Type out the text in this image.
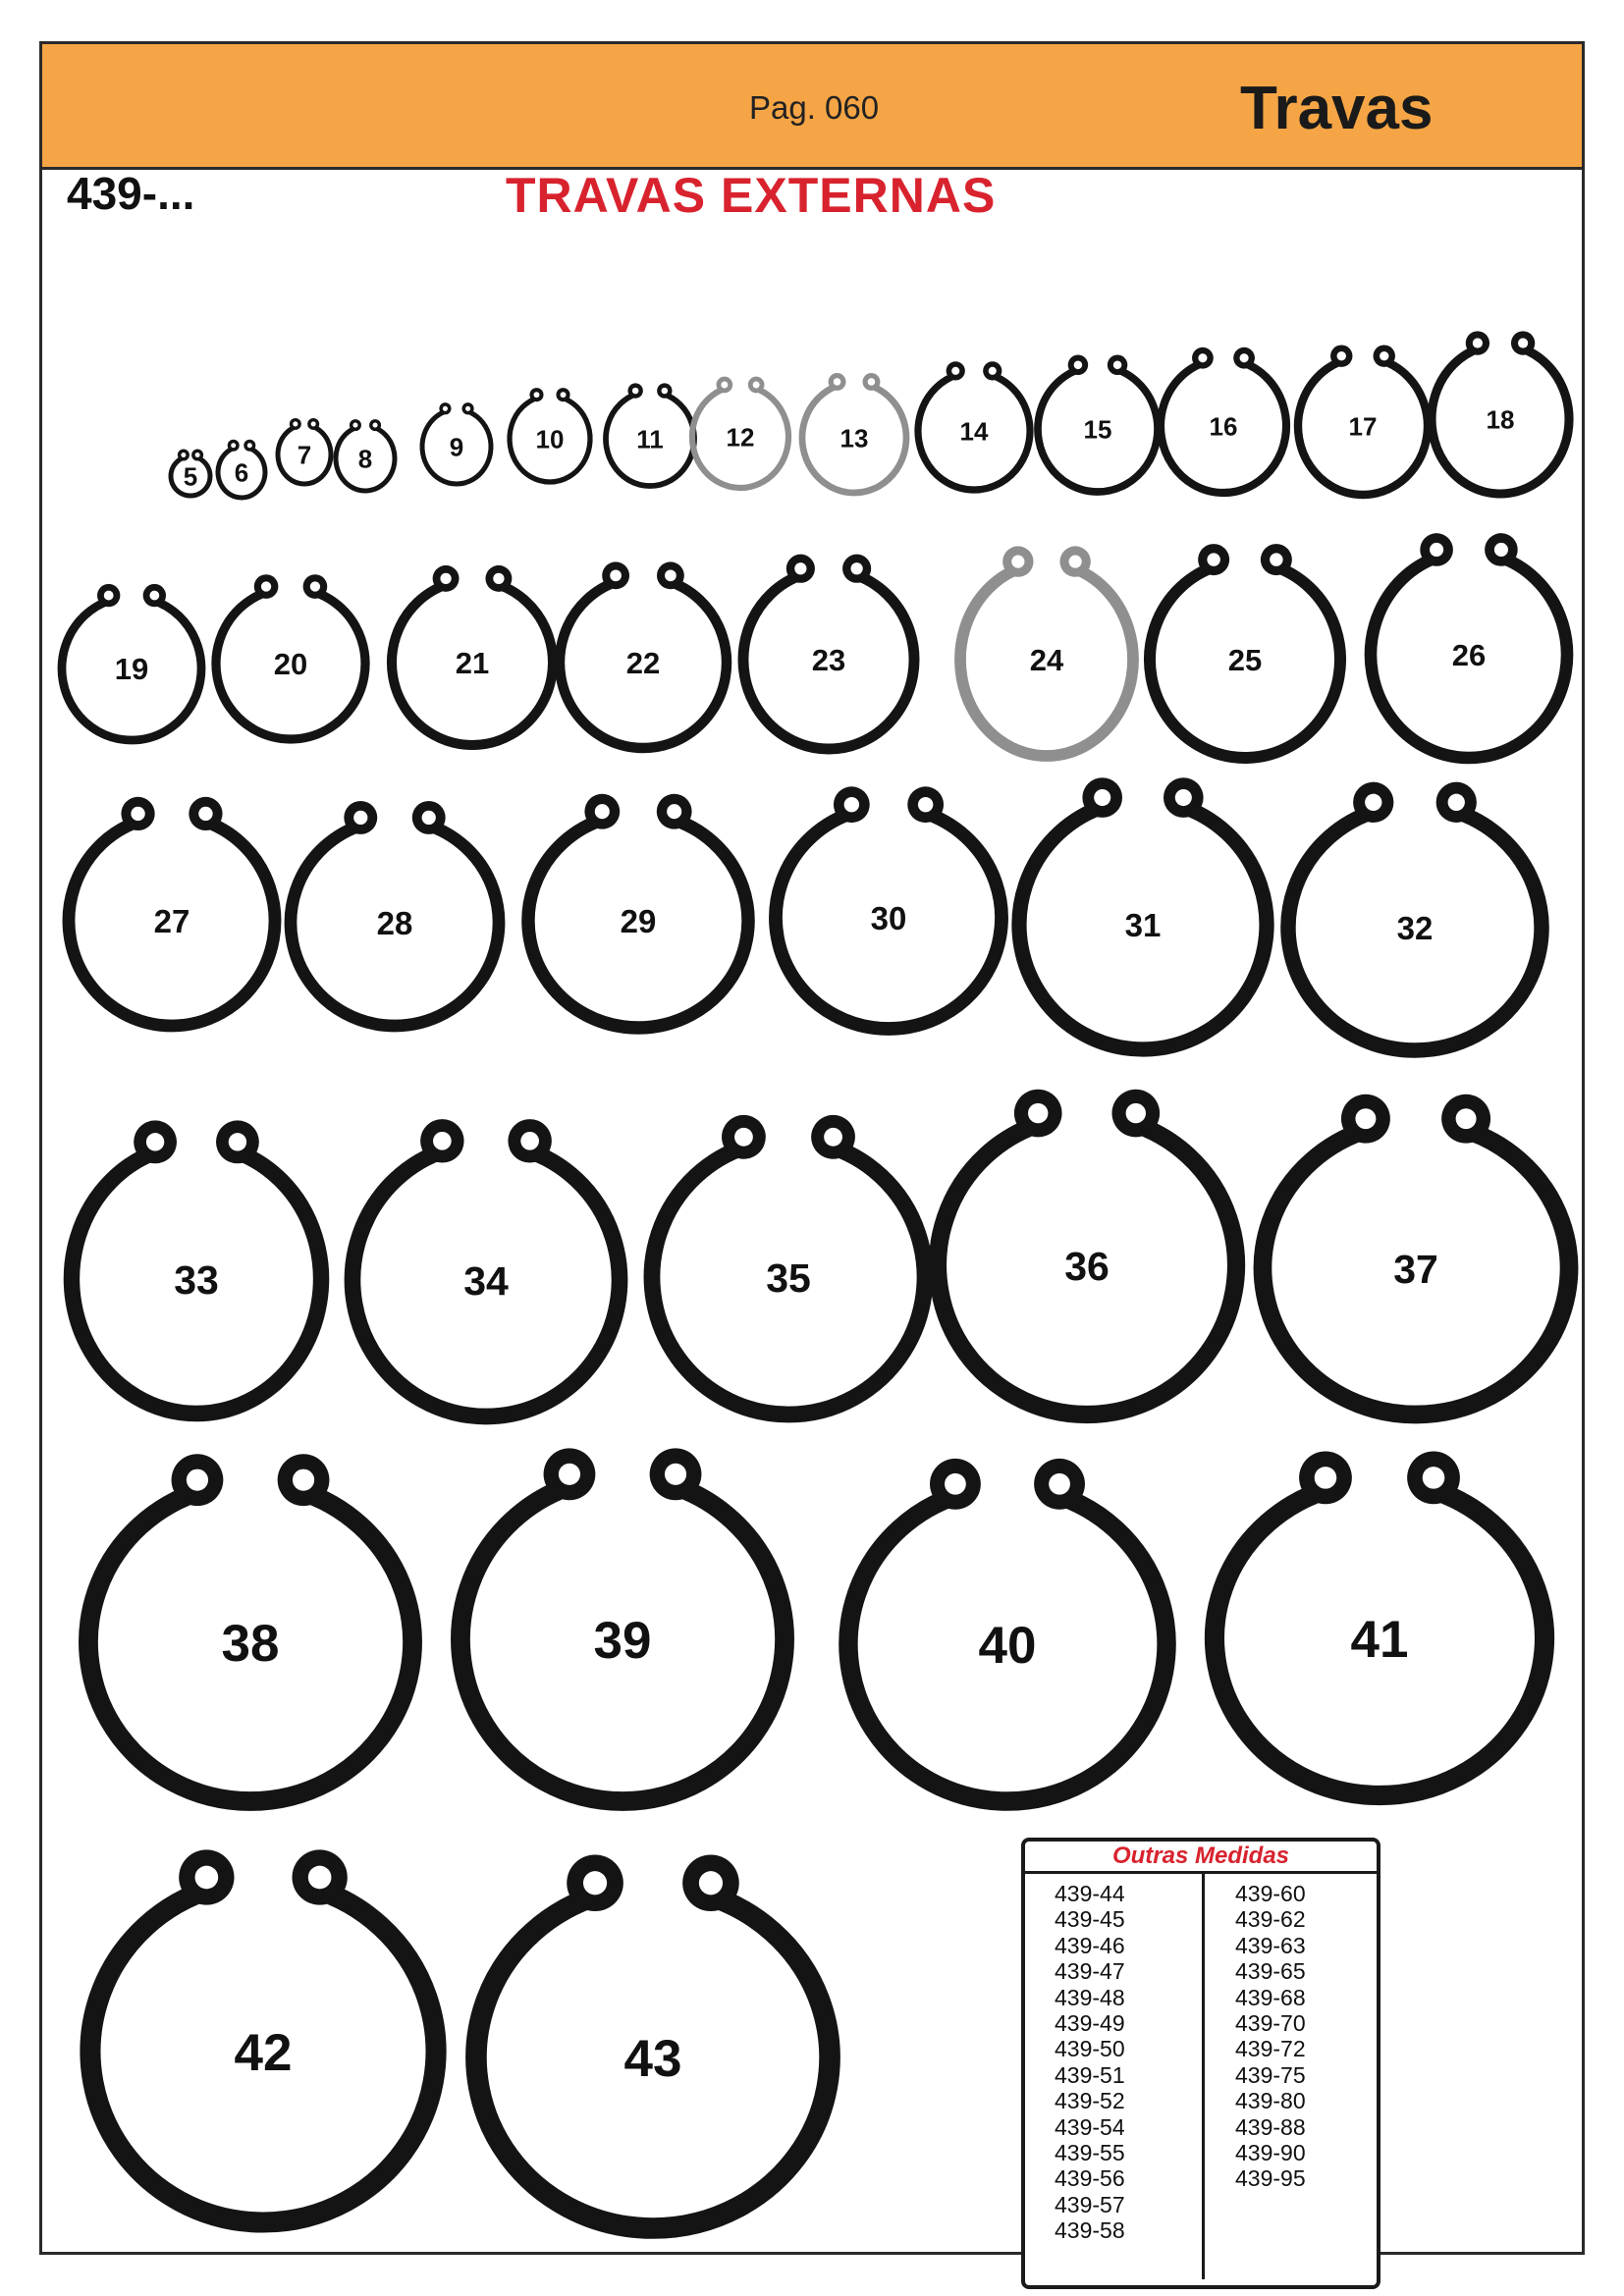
Pag. 060	Travas
439-...	TRAVAS EXTERNAS
5 6
7 8	9	10	11 12	13	14	15	16	17	18
19	20	21	22	23	24	25	26
27	28	29	30	31	32
33	34	35	36	37
38	39	40	41
42	43
Outras Medidas
439-44
439-45
439-46
439-47
439-48
439-49
439-50
439-51
439-52
439-54
439-55
439-56
439-57
439-58
439-60
439-62
439-63
439-65
439-68
439-70
439-72
439-75
439-80
439-88
439-90
439-95
